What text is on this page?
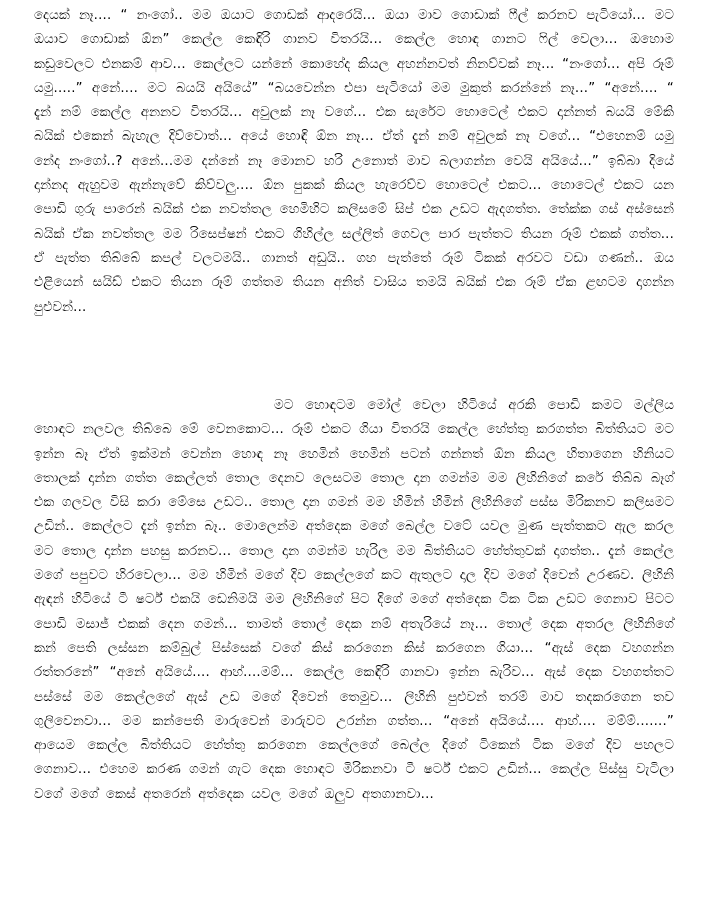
දෙයක් නෑ.... “ නංගෝ.. මම ඔයාට ගොඩක් ආදරෙයි... ඔයා මාව ගොඩාක් ෆීල් කරනව පැටියෝ... මට ඔයාව ගොඩාක් ඕන” කෙල්ල කෙඳිරි ගානව විතරයි... කෙල්ල හොඳ ගානට ෆිල් වෙලා... ඔහොම කඩුවෙලට එනකම් ආව... කෙල්ලට යන්නේ කොහේද කියල අහන්නවත් නිනව්වක් නෑ... “නංගෝ... අපි රූම් යමු.....” අනේ.... මට බයයි අයියේ” “බයවෙන්න එපා පැටියෝ මම මුකුත් කරන්නේ නෑ...” “අනේ.... “ දැන් නම් කෙල්ල අනනව විතරයි... අවුලක් නෑ වගේ... එක සැරේට හොටෙල් එකට දාන්නත් බයයි මේකි බයික් එකෙන් බැහැල දිව්වොත්... අයේ හොඳි ඕන නෑ... ඒත් දැන් නම් අවුලක් නෑ වගේ... “එහෙනම් යමු නේද නංගෝ..? අනේ...මම දන්නේ නෑ මොනව හරි උනොත් මාව බලාගන්න වෙයි අයියේ...” ඉබ්බා දියේ දාන්නද ඇහුවම ඇන්නැවේ කිව්වලු.... ඕන පුකක් කියල හැරෙව්ව හොටෙල් එකට... හොටෙල් එකට යන පොඩි ගුරු පාරෙන් බයික් එක නවත්තල හෙමිහිට කලිසමේ සිප් එක උඩට ඇදගත්ත. තේක්ක ගස් අස්සෙන් බයික් ඒක නවත්තල මම රිසෙප්ෂන් එකට ගිහිල්ල සල්ලිත් ගෙවල පාර පැත්තට තියන රූම් එකක් ගත්ත... ඒ පැත්ත තිබ්බේ කපල් වලටමයි.. ගානත් අඩුයි.. ගහ පැත්තේ රූම් ටිකක් අරවට වඩා ගණන්.. ඔය එළියෙන් සයිඩ් එකට තියන රූම් ගත්තම තියන අනිත් වාසිය තමයි බයික් එක රූම් ඒක ළඟටම දාගන්න පුළුවන්...

මට හොඳටම මෝල් වෙලා හිටියේ අරකි පොඩි කමට මල්ලිය හොඳට නලවල තිබ්බෙ මේ වෙනකොට... රූම් එකට ගියා විතරයි කෙල්ල හේත්තු කරගත්ත බිත්තියට මට ඉන්න බෑ ඒත් ඉක්මන් වෙන්න හොඳ නෑ හෙමින් හෙමින් පටන් ගන්නත් ඕන කියල හිතාගෙන හිනියට තොලක් දාන්න ගත්ත කෙල්ලත් තොල දෙනව ලෙසටම තොල දාන ගමන්ම මම ලිහිනිගේ කරේ තිබ්බ බෑග් එක ගලවල විසි කරා මේසෙ උඩට.. තොල දාන ගමන් මම හිමින් හිමින් ලිහිනිගේ පස්ස මිරිකනව කලිසමට උඩින්.. කෙල්ලට දැන් ඉන්න බෑ.. මොලෙන්ම අත්දෙක මගේ බෙල්ල වටේ යවල මුණ පැත්තකට ඇල කරල මට තොල දාන්න පහසු කරනව... තොල දාන ගමන්ම හැරිල මම බිත්තියට හේත්තුවක් දාගත්ත.. දැන් කෙල්ල මගේ පපුවට හිරවෙලා... මම හිමින් මගේ දිව කෙල්ලගේ කට ඇතුලට දාල දිව මගේ දිවෙන් උරණව. ලිහිනි ඇඳන් හිටියේ ටී ෂර්ට් එකයි ඩෙනිමයි මම ලිහිනිගේ පිට දිගේ මගේ අත්දෙක ටික ටික උඩට ගෙනාව පිටට පොඩි මසාජ් එකක් දෙන ගමන්... තාමත් තොල් දෙක නම් අතැරියේ නෑ... තොල් දෙක අතරල ලිහිනිගේ කන් පෙති ලස්සන කම්බුල් පිස්සෙක් වගේ කිස් කරගෙන කිස් කරගෙන ගියා... “ඇස් දෙක වහගන්න රත්තරනේ” “අනේ අයියේ.... ආහ්....මම්... කෙල්ල කෙඳිරි ගානවා ඉන්න බැරිව... ඇස් දෙක වහගත්තට පස්සේ මම කෙල්ලගේ ඇස් උඩ මගේ දිවෙන් තෙමුව... ලිහිනි පුළුවන් තරම් මාව තදකරගෙන තව ගුලිවෙනවා... මම කන්පෙති මාරුවෙන් මාරුවට උරන්න ගත්ත... “අනේ අයියේ.... ආහ්.... මම්ම්.......” ආයෙම කෙල්ල බිත්තියට හේත්තු කරගෙන කෙල්ලගේ බෙල්ල දිගේ ටිකෙන් ටික මගේ දිව පහලට ගෙනාව... එහෙම කරණ ගමන් ගැට දෙක හොඳට මිරිකනවා ටී ෂර්ට් එකට උඩින්... කෙල්ල පිස්සු වැටිලා වගේ මගේ කෙස් අතරෙන් අත්දෙක යවල මගේ ඔලුව අතගානවා...
